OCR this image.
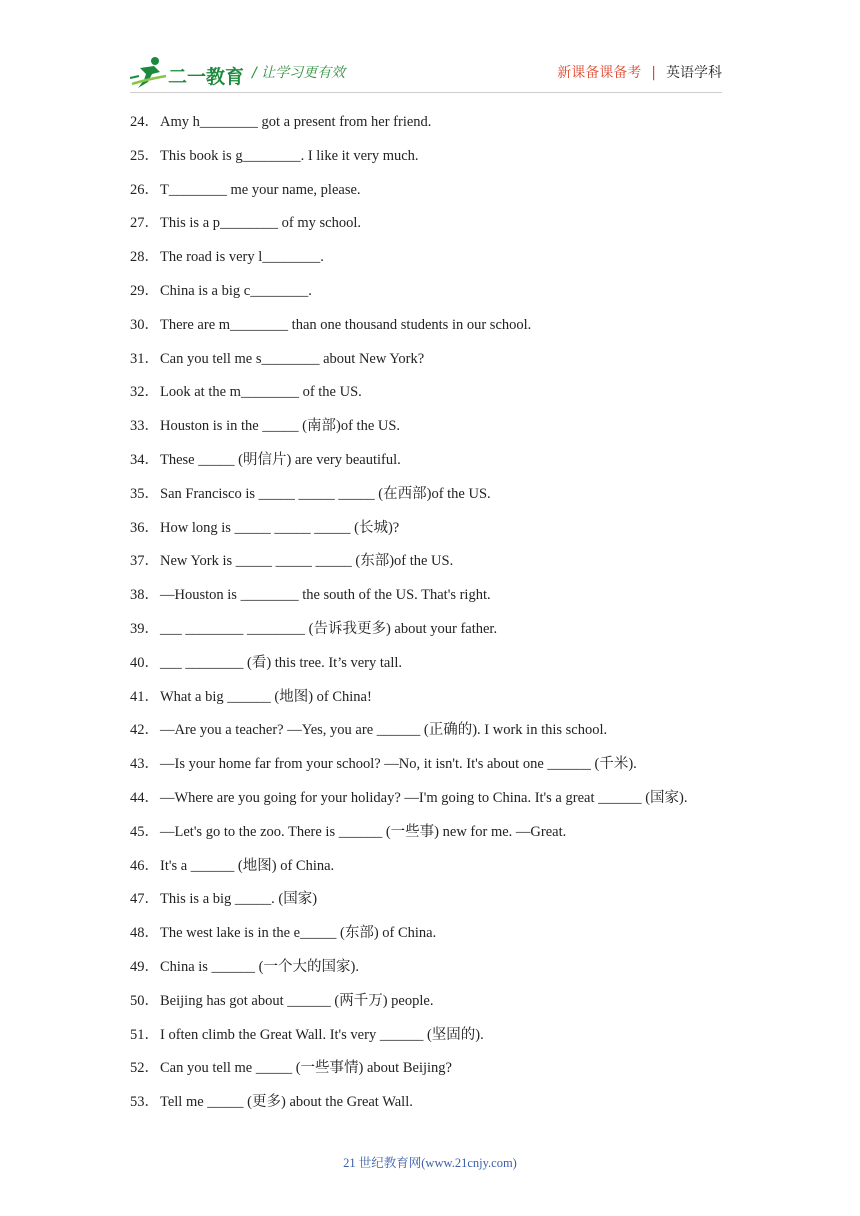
二一教育 / 让学习更有效	新课备课备考 | 英语学科
24．Amy h________ got a present from her friend.
25．This book is g________. I like it very much.
26．T________ me your name, please.
27．This is a p________ of my school.
28．The road is very l________.
29．China is a big c________.
30．There are m________ than one thousand students in our school.
31．Can you tell me s________ about New York?
32．Look at the m________ of the US.
33．Houston is in the _____ (南部)of the US.
34．These _____ (明信片) are very beautiful.
35．San Francisco is _____ _____ _____ (在西部)of the US.
36．How long is _____ _____ _____ (长城)?
37．New York is _____ _____ _____ (东部)of the US.
38．—Houston is ________ the south of the US. That's right.
39．___ ________ ________ (告诉我更多) about your father.
40．___ ________ (看) this tree. It’s very tall.
41．What a big ______ (地图) of China!
42．—Are you a teacher? —Yes, you are ______ (正确的). I work in this school.
43．—Is your home far from your school? —No, it isn't. It's about one ______ (千米).
44．—Where are you going for your holiday? —I'm going to China. It's a great ______ (国家).
45．—Let's go to the zoo. There is ______ (一些事) new for me. —Great.
46．It's a ______ (地图) of China.
47．This is a big _____. (国家)
48．The west lake is in the e_____ (东部) of China.
49．China is ______ (一个大的国家).
50．Beijing has got about ______ (两千万) people.
51．I often climb the Great Wall. It's very ______ (坚固的).
52．Can you tell me _____ (一些事情) about Beijing?
53．Tell me _____ (更多) about the Great Wall.
21 世纪教育网(www.21cnjy.com)
